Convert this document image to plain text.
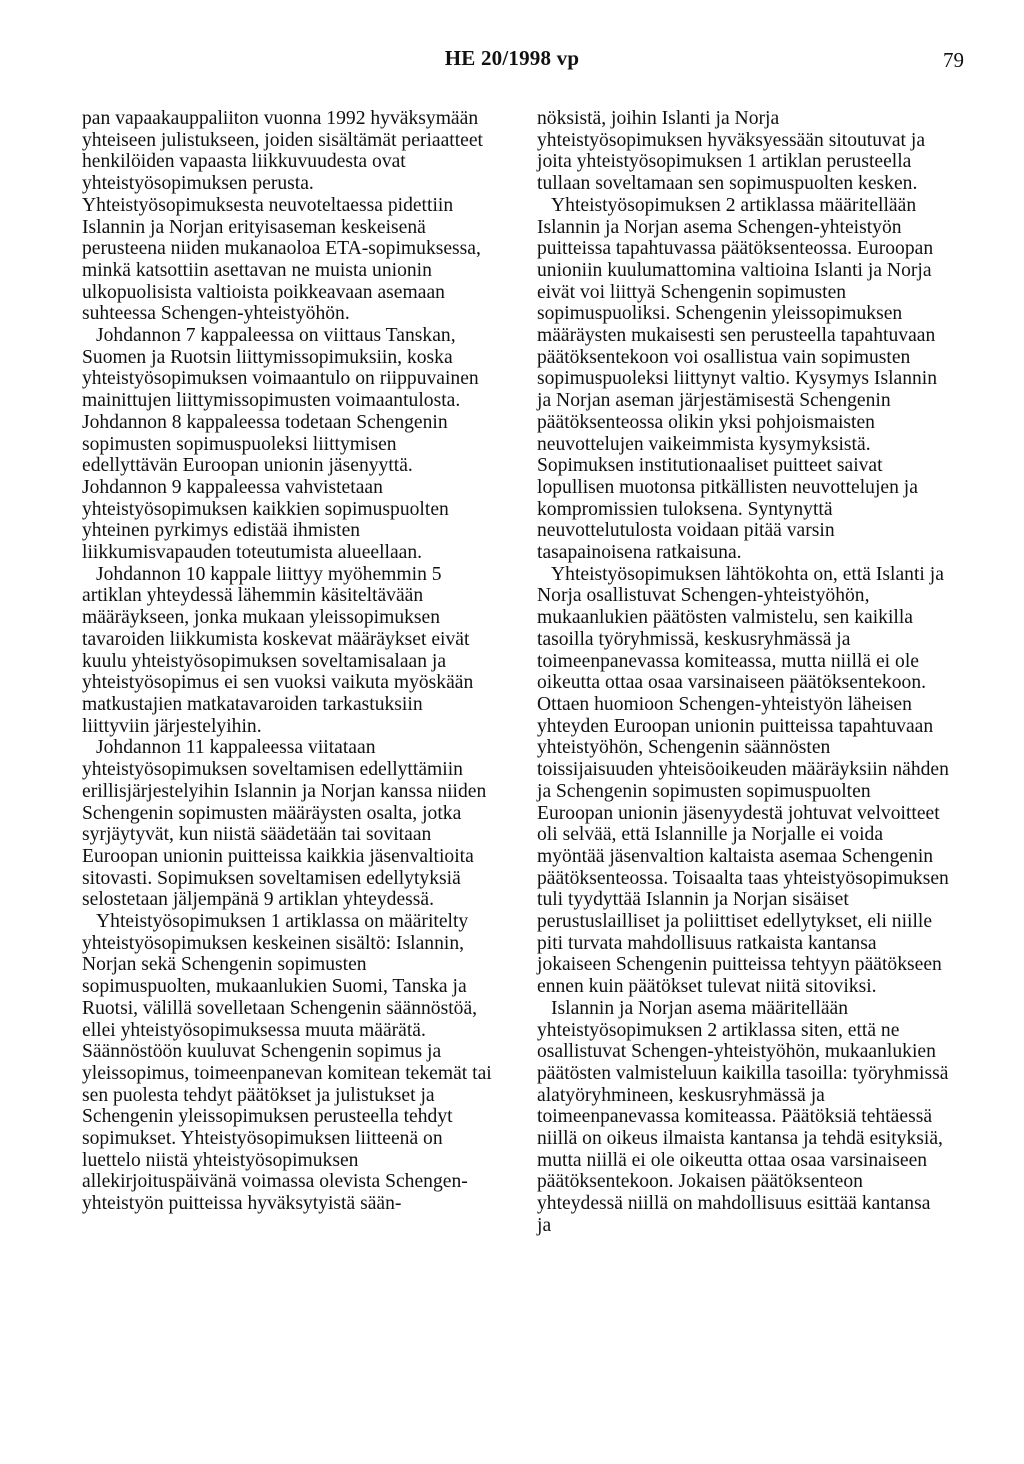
HE 20/1998 vp	79

pan vapaakauppaliiton vuonna 1992 hyväksymään yhteiseen julistukseen, joiden sisältämät periaatteet henkilöiden vapaasta liikkuvuudesta ovat yhteistyösopimuksen perusta. Yhteistyösopimuksesta neuvoteltaessa pidettiin Islannin ja Norjan erityisaseman keskeisenä perusteena niiden mukanaoloa ETA-sopimuksessa, minkä katsottiin asettavan ne muista unionin ulkopuolisista valtioista poikkeavaan asemaan suhteessa Schengen-yhteistyöhön.

Johdannon 7 kappaleessa on viittaus Tanskan, Suomen ja Ruotsin liittymissopimuksiin, koska yhteistyösopimuksen voimaantulo on riippuvainen mainittujen liittymissopimusten voimaantulosta. Johdannon 8 kappaleessa todetaan Schengenin sopimusten sopimuspuoleksi liittymisen edellyttävän Euroopan unionin jäsenyyttä. Johdannon 9 kappaleessa vahvistetaan yhteistyösopimuksen kaikkien sopimuspuolten yhteinen pyrkimys edistää ihmisten liikkumisvapauden toteutumista alueellaan.

Johdannon 10 kappale liittyy myöhemmin 5 artiklan yhteydessä lähemmin käsiteltävään määräykseen, jonka mukaan yleissopimuksen tavaroiden liikkumista koskevat määräykset eivät kuulu yhteistyösopimuksen soveltamisalaan ja yhteistyösopimus ei sen vuoksi vaikuta myöskään matkustajien matkatavaroiden tarkastuksiin liittyviin järjestelyihin.

Johdannon 11 kappaleessa viitataan yhteistyösopimuksen soveltamisen edellyttämiin erillisjärjestelyihin Islannin ja Norjan kanssa niiden Schengenin sopimusten määräysten osalta, jotka syrjäytyvät, kun niistä säädetään tai sovitaan Euroopan unionin puitteissa kaikkia jäsenvaltioita sitovasti. Sopimuksen soveltamisen edellytyksiä selostetaan jäljempänä 9 artiklan yhteydessä.

Yhteistyösopimuksen 1 artiklassa on määritelty yhteistyösopimuksen keskeinen sisältö: Islannin, Norjan sekä Schengenin sopimusten sopimuspuolten, mukaanlukien Suomi, Tanska ja Ruotsi, välillä sovelletaan Schengenin säännöstöä, ellei yhteistyösopimuksessa muuta määrätä. Säännöstöön kuuluvat Schengenin sopimus ja yleissopimus, toimeenpanevan komitean tekemät tai sen puolesta tehdyt päätökset ja julistukset ja Schengenin yleissopimuksen perusteella tehdyt sopimukset. Yhteistyösopimuksen liitteenä on luettelo niistä yhteistyösopimuksen allekirjoituspäivänä voimassa olevista Schengen-yhteistyön puitteissa hyväksytyistä sään-

nöksistä, joihin Islanti ja Norja yhteistyösopimuksen hyväksyessään sitoutuvat ja joita yhteistyösopimuksen 1 artiklan perusteella tullaan soveltamaan sen sopimuspuolten kesken.

Yhteistyösopimuksen 2 artiklassa määritellään Islannin ja Norjan asema Schengen-yhteistyön puitteissa tapahtuvassa päätöksenteossa. Euroopan unioniin kuulumattomina valtioina Islanti ja Norja eivät voi liittyä Schengenin sopimusten sopimuspuoliksi. Schengenin yleissopimuksen määräysten mukaisesti sen perusteella tapahtuvaan päätöksentekoon voi osallistua vain sopimusten sopimuspuoleksi liittynyt valtio. Kysymys Islannin ja Norjan aseman järjestämisestä Schengenin päätöksenteossa olikin yksi pohjoismaisten neuvottelujen vaikeimmista kysymyksistä. Sopimuksen institutionaaliset puitteet saivat lopullisen muotonsa pitkällisten neuvottelujen ja kompromissien tuloksena. Syntynyttä neuvottelutulosta voidaan pitää varsin tasapainoisena ratkaisuna.

Yhteistyösopimuksen lähtökohta on, että Islanti ja Norja osallistuvat Schengen-yhteistyöhön, mukaanlukien päätösten valmistelu, sen kaikilla tasoilla työryhmissä, keskusryhmässä ja toimeenpanevassa komiteassa, mutta niillä ei ole oikeutta ottaa osaa varsinaiseen päätöksentekoon. Ottaen huomioon Schengen-yhteistyön läheisen yhteyden Euroopan unionin puitteissa tapahtuvaan yhteistyöhön, Schengenin säännösten toissijaisuuden yhteisöoikeuden määräyksiin nähden ja Schengenin sopimusten sopimuspuolten Euroopan unionin jäsenyydestä johtuvat velvoitteet oli selvää, että Islannille ja Norjalle ei voida myöntää jäsenvaltion kaltaista asemaa Schengenin päätöksenteossa. Toisaalta taas yhteistyösopimuksen tuli tyydyttää Islannin ja Norjan sisäiset perustuslailliset ja poliittiset edellytykset, eli niille piti turvata mahdollisuus ratkaista kantansa jokaiseen Schengenin puitteissa tehtyyn päätökseen ennen kuin päätökset tulevat niitä sitoviksi.

Islannin ja Norjan asema määritellään yhteistyösopimuksen 2 artiklassa siten, että ne osallistuvat Schengen-yhteistyöhön, mukaanlukien päätösten valmisteluun kaikilla tasoilla: työryhmissä alatyöryhmineen, keskusryhmässä ja toimeenpanevassa komiteassa. Päätöksiä tehtäessä niillä on oikeus ilmaista kantansa ja tehdä esityksiä, mutta niillä ei ole oikeutta ottaa osaa varsinaiseen päätöksentekoon. Jokaisen päätöksenteon yhteydessä niillä on mahdollisuus esittää kantansa ja
